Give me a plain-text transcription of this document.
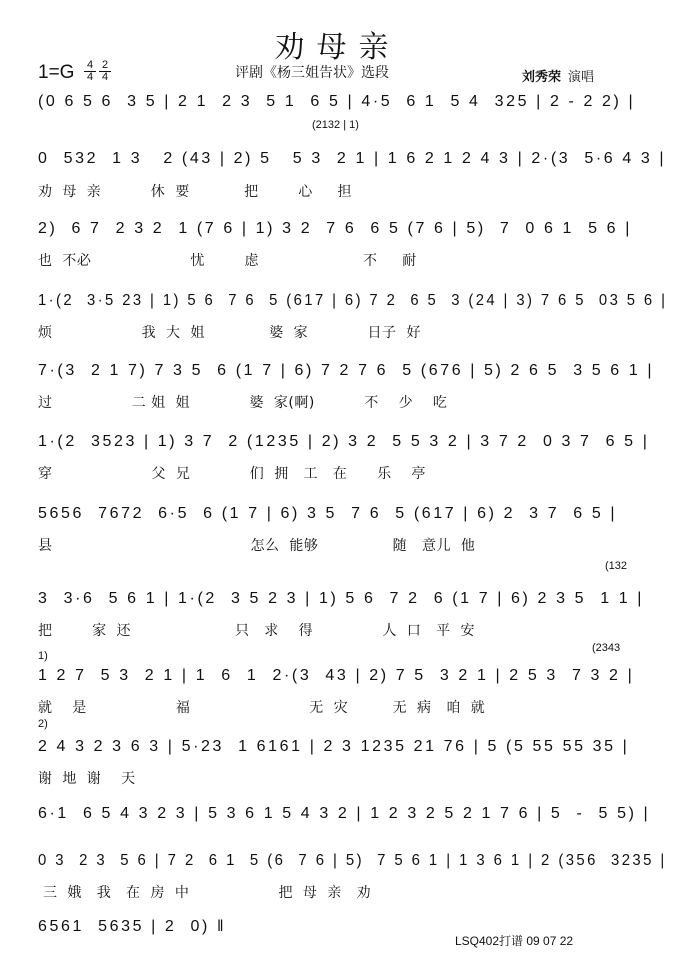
劝母亲
1=G 4
4
2
4	评剧《杨三姐告状》选段	刘秀荣 演唱
(2132 | 1)
(132
1)
(2343
2)
(0 6 5 6  3 5 | 2 1  2 3  5 1  6 5 | 4·5  6 1  5 4  325 | 2 - 2 2) |
0  532  1 3   2 (43 | 2) 5   5 3  2 1 | 1 6 2 1 2 4 3 | 2·(3  5·6 4 3 |
劝  母  亲          休  要           把        心     担
2)  6 7  2 3 2  1 (7 6 | 1) 3 2  7 6  6 5 (7 6 | 5)  7  0 6 1  5 6 |
也  不必                    忧        虑                     不     耐
1·(2  3·5 23 | 1) 5 6  7 6  5 (617 | 6) 7 2  6 5  3 (24 | 3) 7 6 5  03 5 6 |
烦                  我  大  姐             婆  家            日子  好
7·(3  2 1 7) 7 3 5  6 (1 7 | 6) 7 2 7 6  5 (676 | 5) 2 6 5  3 5 6 1 |
过                二 姐  姐            婆  家(啊)          不    少    吃
1·(2  3523 | 1) 3 7  2 (1235 | 2) 3 2  5 5 3 2 | 3 7 2  0 3 7  6 5 |
穿                    父  兄            们  拥   工   在      乐    亭
5656  7672  6·5  6 (1 7 | 6) 3 5  7 6  5 (617 | 6) 2  3 7  6 5 |
县                                        怎么  能够               随   意儿  他
3  3·6  5 6 1 | 1·(2  3 5 2 3 | 1) 5 6  7 2  6 (1 7 | 6) 2 3 5  1 1 |
把        家  还                     只   求    得              人  口   平  安
1 2 7  5 3  2 1 | 1  6  1  2·(3  43 | 2) 7 5  3 2 1 | 2 5 3  7 3 2 |
就    是                  福                        无  灾         无  病   咱  就
2 4 3 2 3 6 3 | 5·23  1 6161 | 2 3 1235 21 76 | 5 (5 55 55 35 |
谢  地  谢    天
6·1  6 5 4 3 2 3 | 5 3 6 1 5 4 3 2 | 1 2 3 2 5 2 1 7 6 | 5  -  5 5) |
0 3  2 3  5 6 | 7 2  6 1  5 (6  7 6 | 5)  7 5 6 1 | 1 3 6 1 | 2 (356  3235 |
三  娥   我   在  房  中                  把  母  亲   劝
6561  5635 | 2  0) ‖
LSQ402打谱 09 07 22
